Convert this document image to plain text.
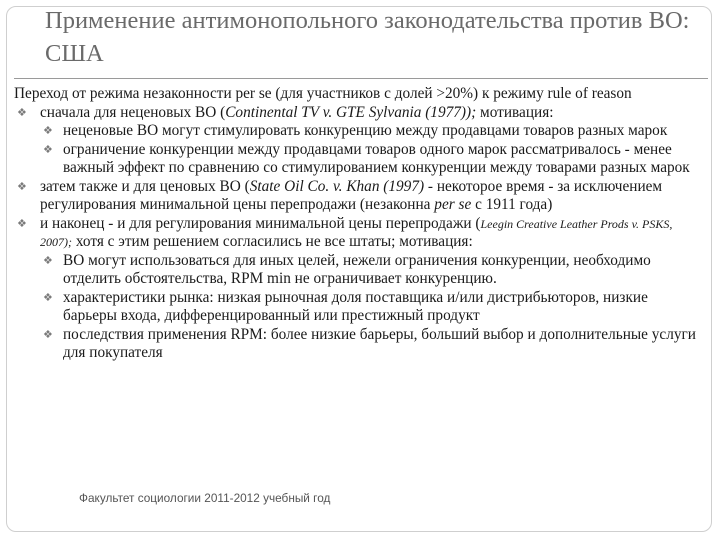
Применение антимонопольного законодательства против ВО: США

Переход от режима незаконности per se (для участников с долей >20%) к режиму rule of reason

❖ сначала для неценовых ВО (Continental TV v. GTE Sylvania (1977)); мотивация:
❖ неценовые ВО могут стимулировать конкуренцию между продавцами товаров разных марок
❖ ограничение конкуренции между продавцами товаров одного марок рассматривалось - менее важный эффект по сравнению со стимулированием конкуренции между товарами разных марок
❖ затем также и для ценовых ВО (State Oil Co. v. Khan (1997) - некоторое время - за исключением регулирования минимальной цены перепродажи (незаконна per se с 1911 года)
❖ и наконец - и для регулирования минимальной цены перепродажи (Leegin Creative Leather Prods v. PSKS, 2007); хотя с этим решением согласились не все штаты; мотивация:
❖ ВО могут использоваться для иных целей, нежели ограничения конкуренции, необходимо отделить обстоятельства, RPM min не ограничивает конкуренцию.
❖ характеристики рынка: низкая рыночная доля поставщика и/или дистрибьюторов, низкие барьеры входа, дифференцированный или престижный продукт
❖ последствия применения RPM: более низкие барьеры, больший выбор и дополнительные услуги для покупателя
Факультет социологии 2011-2012 учебный год
